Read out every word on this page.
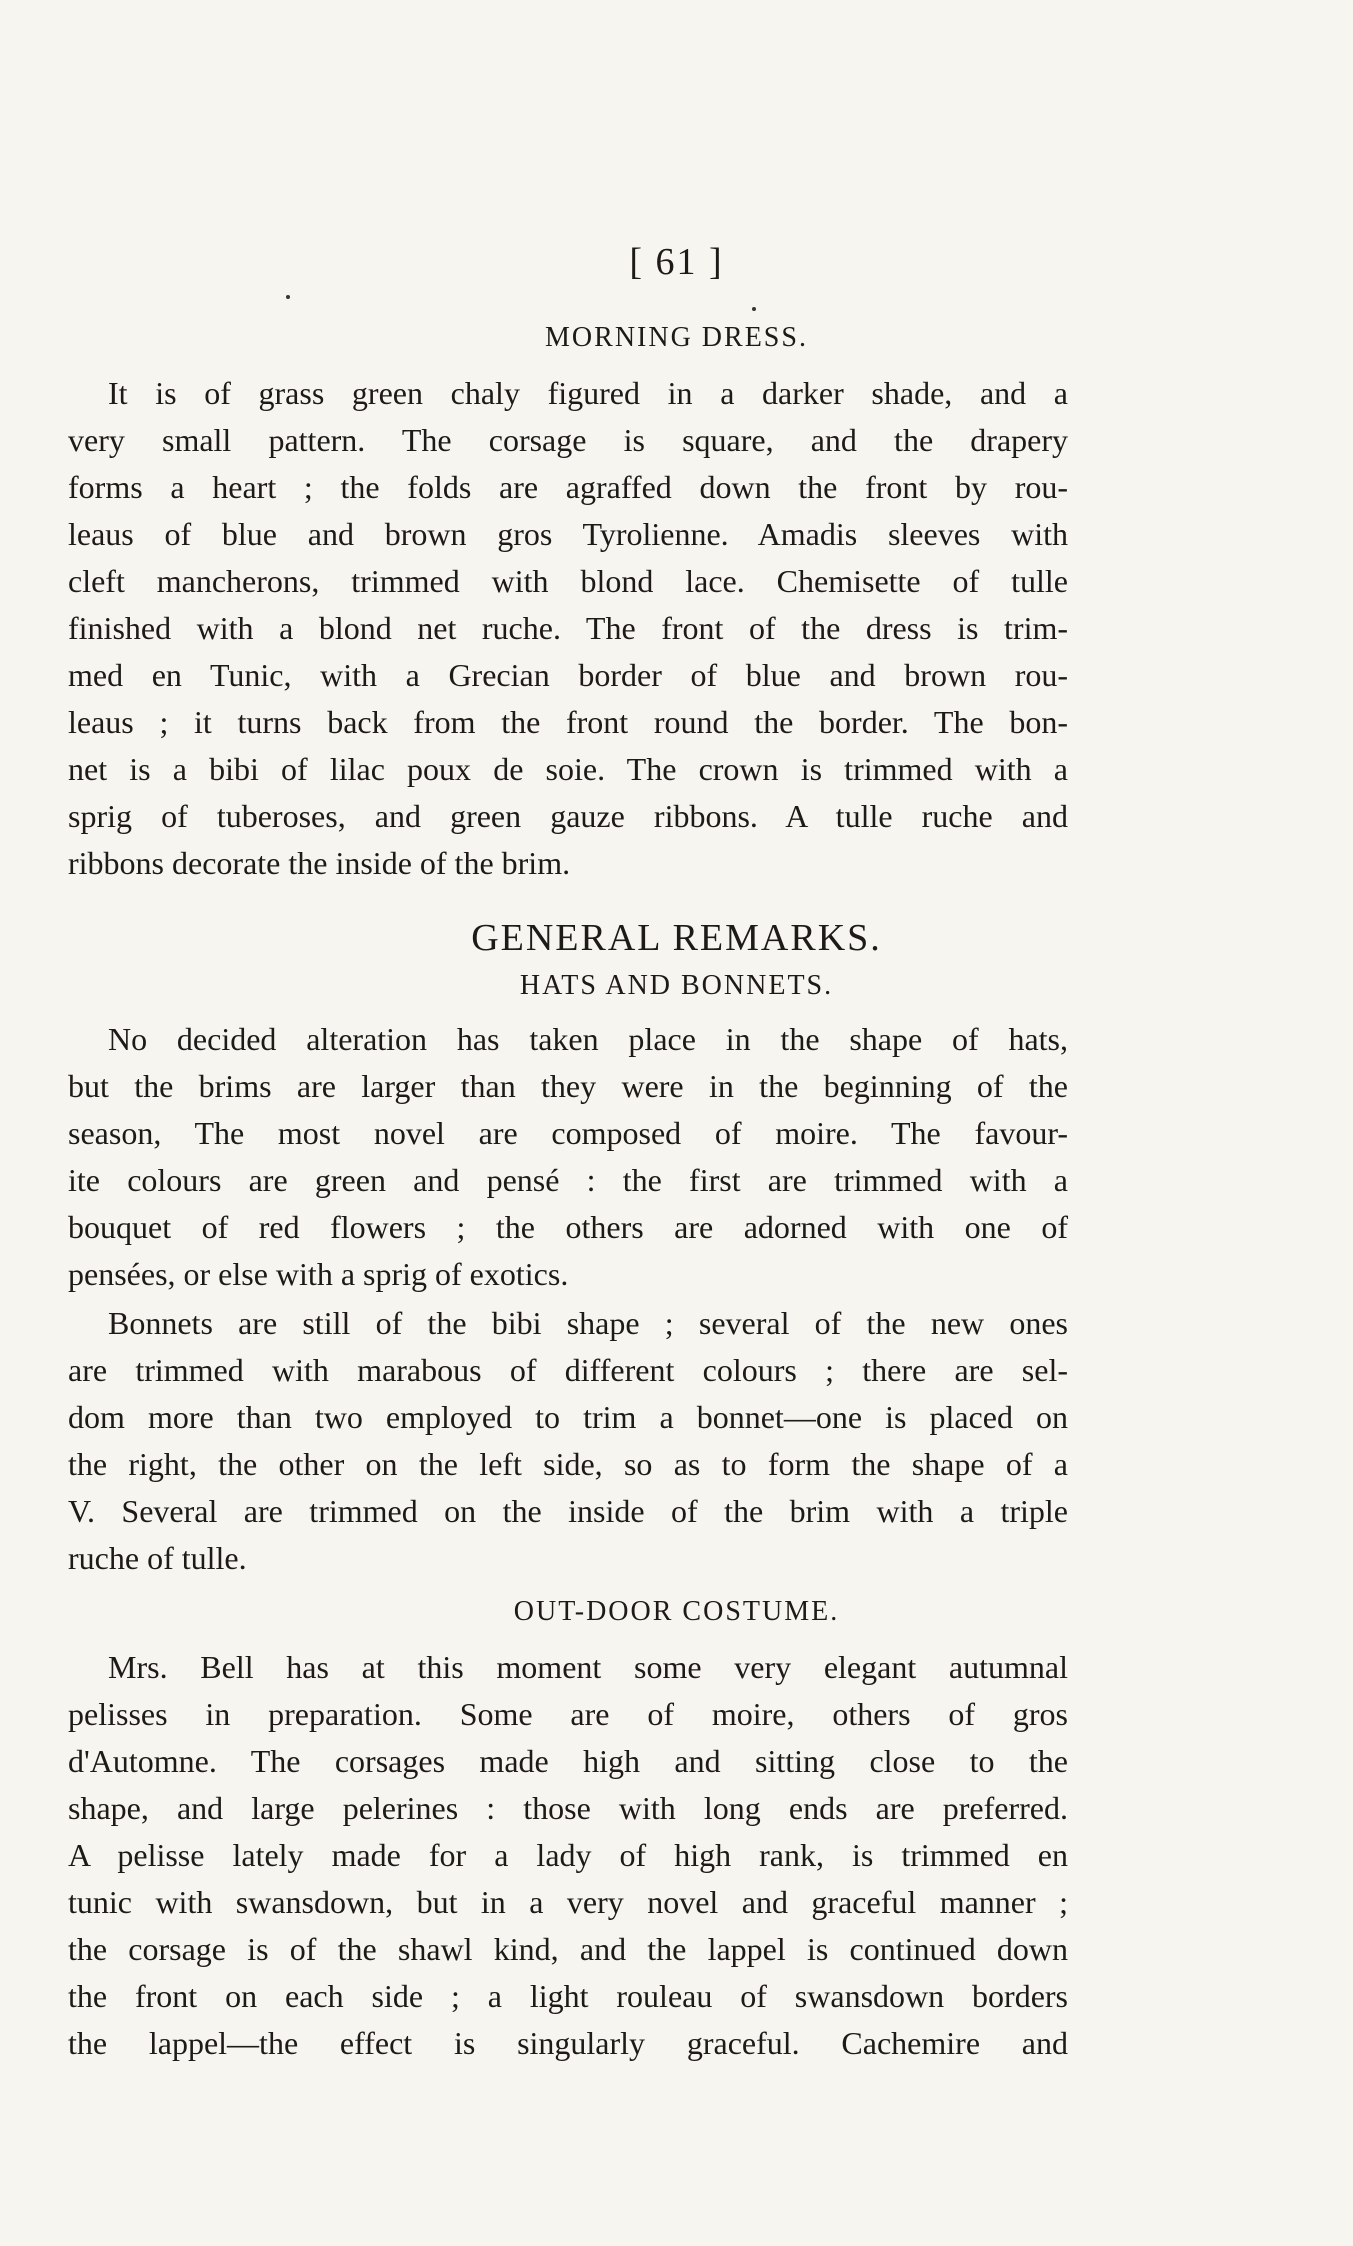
[ 61 ]
MORNING DRESS.
It is of grass green chaly figured in a darker shade, and a
very small pattern. The corsage is square, and the drapery
forms a heart ; the folds are agraffed down the front by rou-
leaus of blue and brown gros Tyrolienne. Amadis sleeves with
cleft mancherons, trimmed with blond lace. Chemisette of tulle
finished with a blond net ruche. The front of the dress is trim-
med en Tunic, with a Grecian border of blue and brown rou-
leaus ; it turns back from the front round the border. The bon-
net is a bibi of lilac poux de soie. The crown is trimmed with a
sprig of tuberoses, and green gauze ribbons. A tulle ruche and
ribbons decorate the inside of the brim.
GENERAL REMARKS.
HATS AND BONNETS.
No decided alteration has taken place in the shape of hats,
but the brims are larger than they were in the beginning of the
season, The most novel are composed of moire. The favour-
ite colours are green and pensé : the first are trimmed with a
bouquet of red flowers ; the others are adorned with one of
pensées, or else with a sprig of exotics.
Bonnets are still of the bibi shape ; several of the new ones
are trimmed with marabous of different colours ; there are sel-
dom more than two employed to trim a bonnet—one is placed on
the right, the other on the left side, so as to form the shape of a
V. Several are trimmed on the inside of the brim with a triple
ruche of tulle.
OUT-DOOR COSTUME.
Mrs. Bell has at this moment some very elegant autumnal
pelisses in preparation. Some are of moire, others of gros
d'Automne. The corsages made high and sitting close to the
shape, and large pelerines : those with long ends are preferred.
A pelisse lately made for a lady of high rank, is trimmed en
tunic with swansdown, but in a very novel and graceful manner ;
the corsage is of the shawl kind, and the lappel is continued down
the front on each side ; a light rouleau of swansdown borders
the lappel—the effect is singularly graceful. Cachemire and
